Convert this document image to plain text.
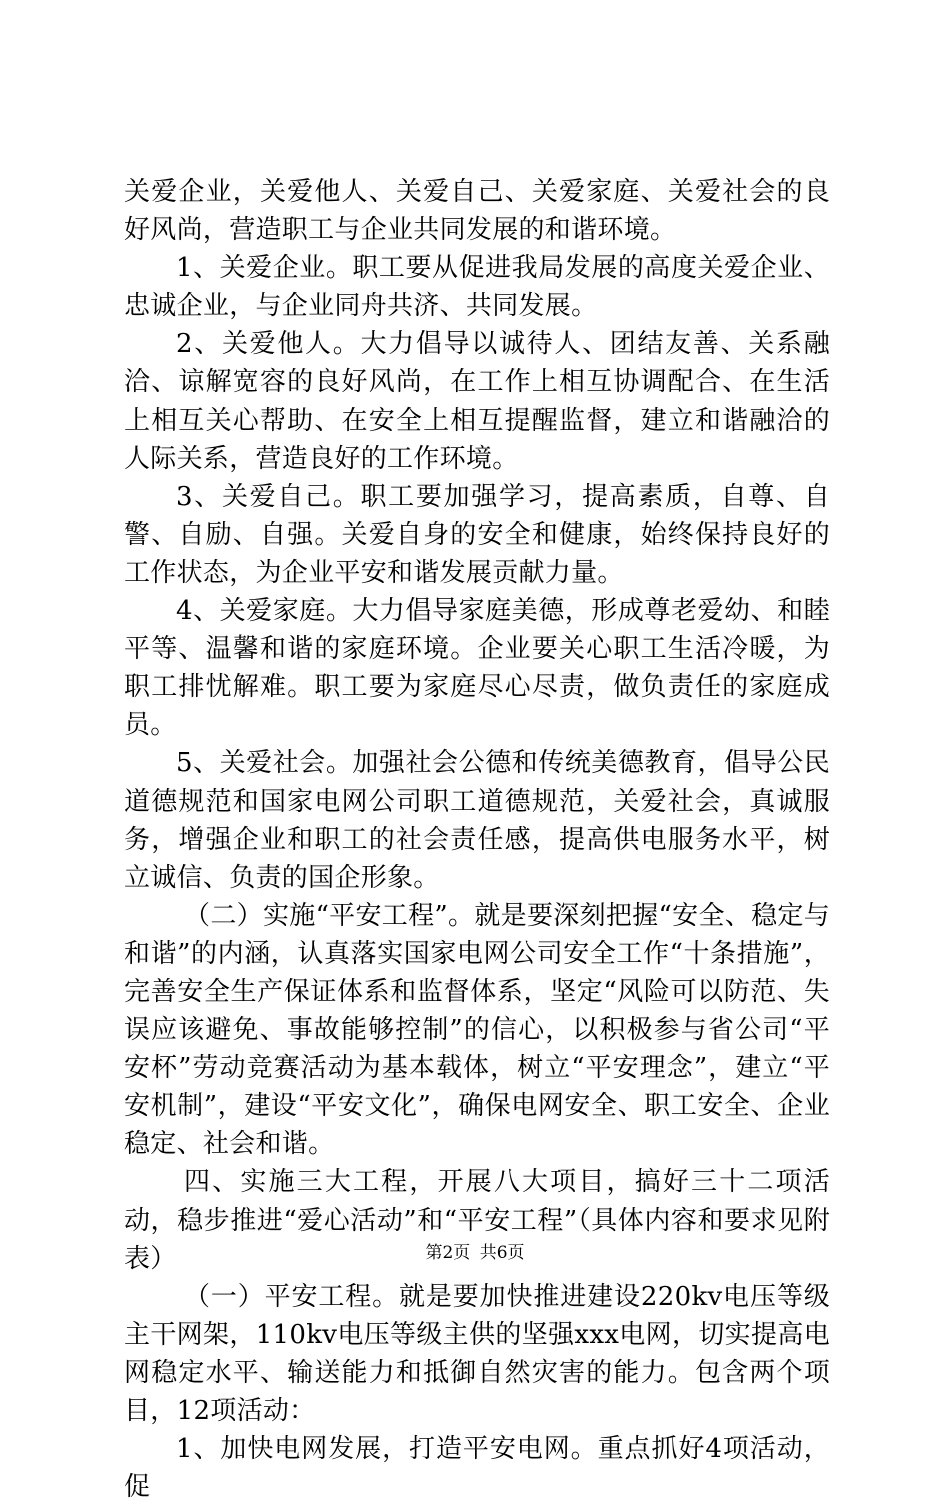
关爱企业，关爱他人、关爱自己、关爱家庭、关爱社会的良好风尚，营造职工与企业共同发展的和谐环境。

1、关爱企业。职工要从促进我局发展的高度关爱企业、忠诚企业，与企业同舟共济、共同发展。

2、关爱他人。大力倡导以诚待人、团结友善、关系融洽、谅解宽容的良好风尚，在工作上相互协调配合、在生活上相互关心帮助、在安全上相互提醒监督，建立和谐融洽的人际关系，营造良好的工作环境。

3、关爱自己。职工要加强学习，提高素质，自尊、自警、自励、自强。关爱自身的安全和健康，始终保持良好的工作状态，为企业平安和谐发展贡献力量。

4、关爱家庭。大力倡导家庭美德，形成尊老爱幼、和睦平等、温馨和谐的家庭环境。企业要关心职工生活冷暖，为职工排忧解难。职工要为家庭尽心尽责，做负责任的家庭成员。

5、关爱社会。加强社会公德和传统美德教育，倡导公民道德规范和国家电网公司职工道德规范，关爱社会，真诚服务，增强企业和职工的社会责任感，提高供电服务水平，树立诚信、负责的国企形象。

（二）实施“平安工程”。就是要深刻把握“安全、稳定与和谐”的内涵，认真落实国家电网公司安全工作“十条措施”，完善安全生产保证体系和监督体系，坚定“风险可以防范、失误应该避免、事故能够控制”的信心，以积极参与省公司“平安杯”劳动竞赛活动为基本载体，树立“平安理念”，建立“平安机制”，建设“平安文化”，确保电网安全、职工安全、企业稳定、社会和谐。

四、实施三大工程，开展八大项目，搞好三十二项活动，稳步推进“爱心活动”和“平安工程”（具体内容和要求见附表）

（一）平安工程。就是要加快推进建设220kv电压等级主干网架，110kv电压等级主供的坚强xxx电网，切实提高电网稳定水平、输送能力和抵御自然灾害的能力。包含两个项目，12项活动：

1、加快电网发展，打造平安电网。重点抓好4项活动，促

第2页 共6页
